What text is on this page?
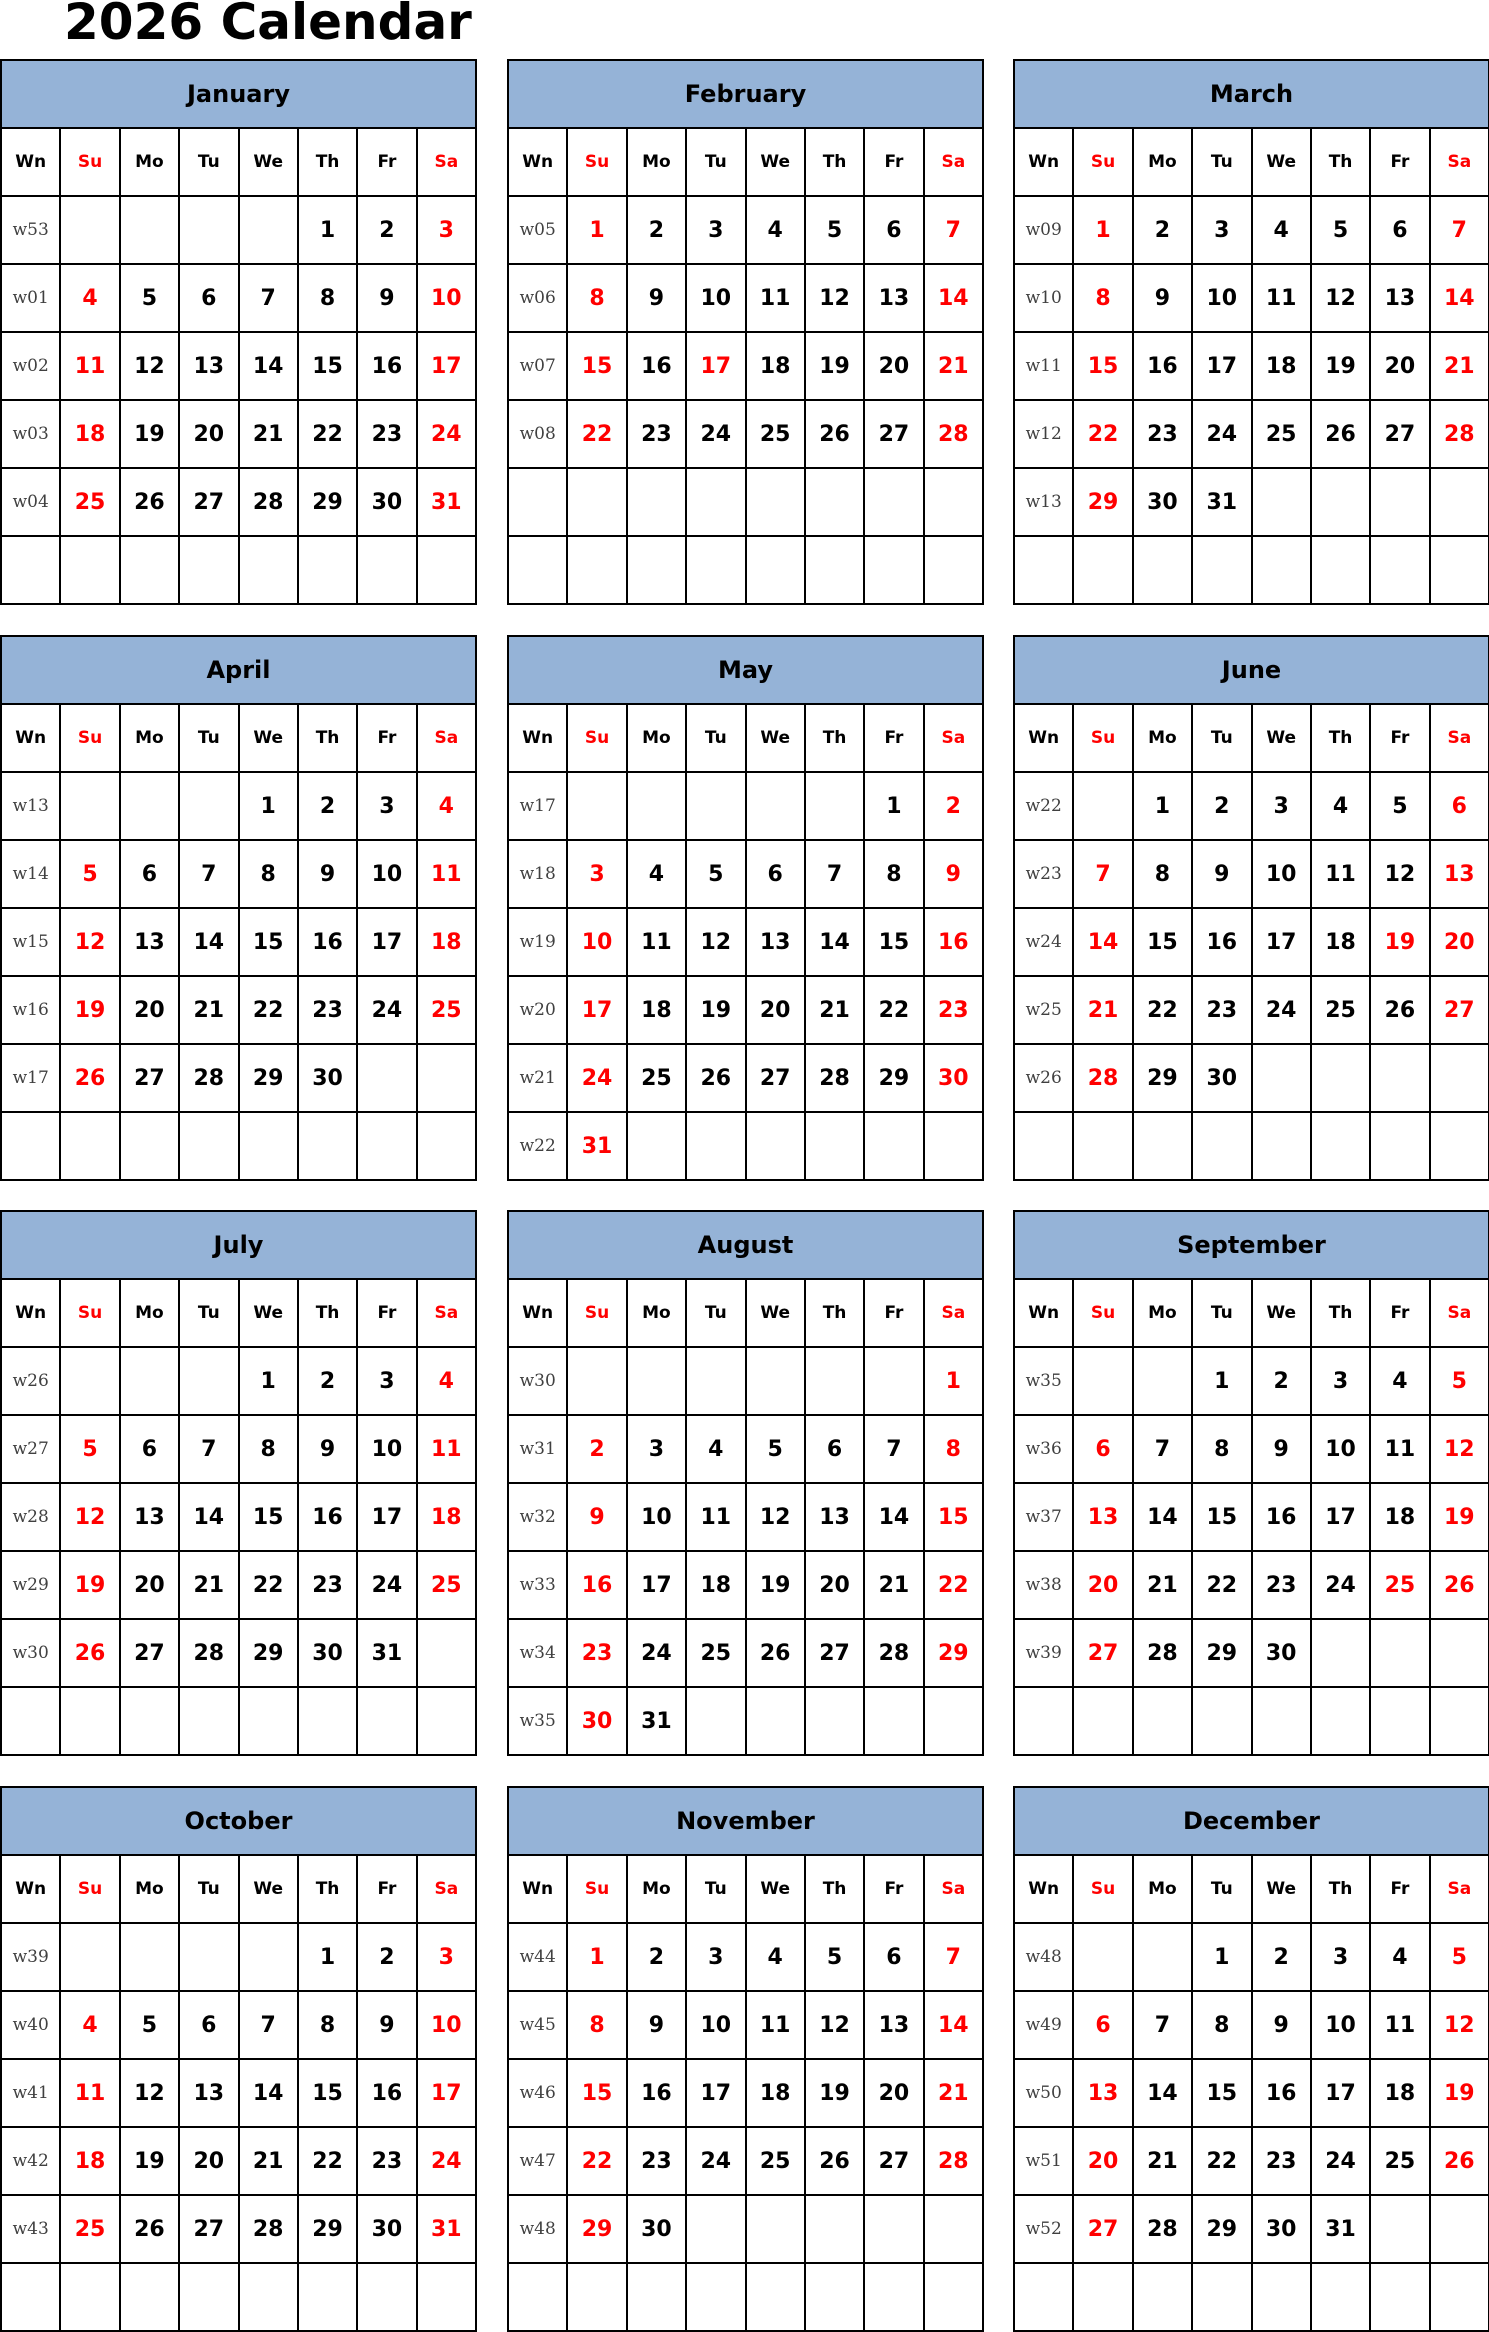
2026 Calendar
January							
Wn	Su	Mo	Tu	We	Th	Fr	Sa
w53					1	2	3
w01	4	5	6	7	8	9	10
w02	11	12	13	14	15	16	17
w03	18	19	20	21	22	23	24
w04	25	26	27	28	29	30	31

February							
Wn	Su	Mo	Tu	We	Th	Fr	Sa
w05	1	2	3	4	5	6	7
w06	8	9	10	11	12	13	14
w07	15	16	17	18	19	20	21
w08	22	23	24	25	26	27	28

March							
Wn	Su	Mo	Tu	We	Th	Fr	Sa
w09	1	2	3	4	5	6	7
w10	8	9	10	11	12	13	14
w11	15	16	17	18	19	20	21
w12	22	23	24	25	26	27	28
w13	29	30	31				

April							
Wn	Su	Mo	Tu	We	Th	Fr	Sa
w13				1	2	3	4
w14	5	6	7	8	9	10	11
w15	12	13	14	15	16	17	18
w16	19	20	21	22	23	24	25
w17	26	27	28	29	30		

May							
Wn	Su	Mo	Tu	We	Th	Fr	Sa
w17						1	2
w18	3	4	5	6	7	8	9
w19	10	11	12	13	14	15	16
w20	17	18	19	20	21	22	23
w21	24	25	26	27	28	29	30
w22	31						
June							
Wn	Su	Mo	Tu	We	Th	Fr	Sa
w22		1	2	3	4	5	6
w23	7	8	9	10	11	12	13
w24	14	15	16	17	18	19	20
w25	21	22	23	24	25	26	27
w26	28	29	30				

July							
Wn	Su	Mo	Tu	We	Th	Fr	Sa
w26				1	2	3	4
w27	5	6	7	8	9	10	11
w28	12	13	14	15	16	17	18
w29	19	20	21	22	23	24	25
w30	26	27	28	29	30	31	

August							
Wn	Su	Mo	Tu	We	Th	Fr	Sa
w30							1
w31	2	3	4	5	6	7	8
w32	9	10	11	12	13	14	15
w33	16	17	18	19	20	21	22
w34	23	24	25	26	27	28	29
w35	30	31					
September							
Wn	Su	Mo	Tu	We	Th	Fr	Sa
w35			1	2	3	4	5
w36	6	7	8	9	10	11	12
w37	13	14	15	16	17	18	19
w38	20	21	22	23	24	25	26
w39	27	28	29	30			

October							
Wn	Su	Mo	Tu	We	Th	Fr	Sa
w39					1	2	3
w40	4	5	6	7	8	9	10
w41	11	12	13	14	15	16	17
w42	18	19	20	21	22	23	24
w43	25	26	27	28	29	30	31

November							
Wn	Su	Mo	Tu	We	Th	Fr	Sa
w44	1	2	3	4	5	6	7
w45	8	9	10	11	12	13	14
w46	15	16	17	18	19	20	21
w47	22	23	24	25	26	27	28
w48	29	30					

December							
Wn	Su	Mo	Tu	We	Th	Fr	Sa
w48			1	2	3	4	5
w49	6	7	8	9	10	11	12
w50	13	14	15	16	17	18	19
w51	20	21	22	23	24	25	26
w52	27	28	29	30	31		
